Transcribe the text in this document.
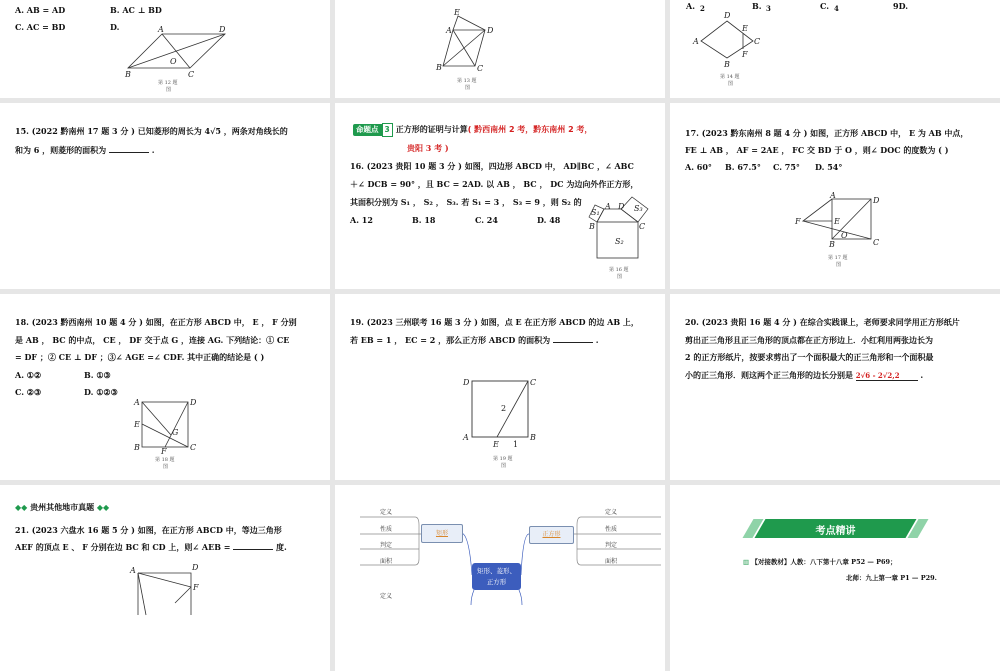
A. AB = AD	B. AC ⊥ BD
C. AC = BD	D.	A	D
B	C
O
第 12 题
图
E
A	D
B	C
第 13 题
图
A. 2	B. 3	C. 4	9D.
D
A
E
C
F
B
第 14 题
图
15. (2022 黔南州 17 题 3 分 ) 已知菱形的周长为 4√5 ，两条对角线长的
和为 6 ，则菱形的面积为	.
命题点 3 正方形的证明与计算( 黔西南州 2 考，黔东南州 2 考，
贵阳 3 考 )
16. (2023 贵阳 10 题 3 分 ) 如图，四边形 ABCD 中， AD∥BC ，∠ ABC
＋∠ DCB = 90° ，且 BC = 2AD. 以 AB ， BC ， DC 为边向外作正方形，
其面积分别为 S₁ ， S₂ ， S₃. 若 S₁ = 3 ， S₃ = 9 ，则 S₂ 的
A. 12	B. 18	C. 24	D. 48
A D
B	C
S₁
S₂
S₃
第 16 题
图
17. (2023 黔东南州 8 题 4 分 ) 如图，正方形 ABCD 中， E 为 AB 中点，
FE ⊥ AB ， AF = 2AE ， FC 交 BD 于 O ，则∠ DOC 的度数为 ( )
A. 60° B. 67.5° C. 75° D. 54°
A
D
F	E
O
B	C
第 17 题
图
18. (2023 黔西南州 10 题 4 分 ) 如图，在正方形 ABCD 中， E ， F 分别
是 AB ， BC 的中点， CE ， DF 交于点 G ，连接 AG. 下列结论：① CE
= DF ；② CE ⊥ DF ；③∠ AGE =∠ CDF. 其中正确的结论是 ( )
A. ①②	B. ①③
C. ②③	D. ①②③
A	D
E
G
B	F	C
第 18 题
图
19. (2023 三州联考 16 题 3 分 ) 如图，点 E 在正方形 ABCD 的边 AB 上，
若 EB = 1 ， EC = 2 ，那么正方形 ABCD 的面积为	.
D	C
A	B
E
2
1
第 19 题
图
20. (2023 贵阳 16 题 4 分 ) 在综合实践课上，老师要求同学用正方形纸片
剪出正三角形且正三角形的顶点都在正方形边上．小红利用两张边长为
2 的正方形纸片，按要求剪出了一个面积最大的正三角形和一个面积最
小的正三角形．则这两个正三角形的边长分别是 2√6 - 2√2,2	.
◆◆ 贵州其他地市真题 ◆◆
21. (2023 六盘水 16 题 5 分 ) 如图，在正方形 ABCD 中，等边三角形
AEF 的顶点 E 、 F 分别在边 BC 和 CD 上，则∠ AEB =	度.
A	D
F
定义
性质
判定
面积
定义
性质
判定
面积
定义
矩形	正方形
矩形、菱形、正方形
考点精讲
▥ 【对接教材】人教：八下第十八章 P52 — P69；
北师：九上第一章 P1 — P29.
